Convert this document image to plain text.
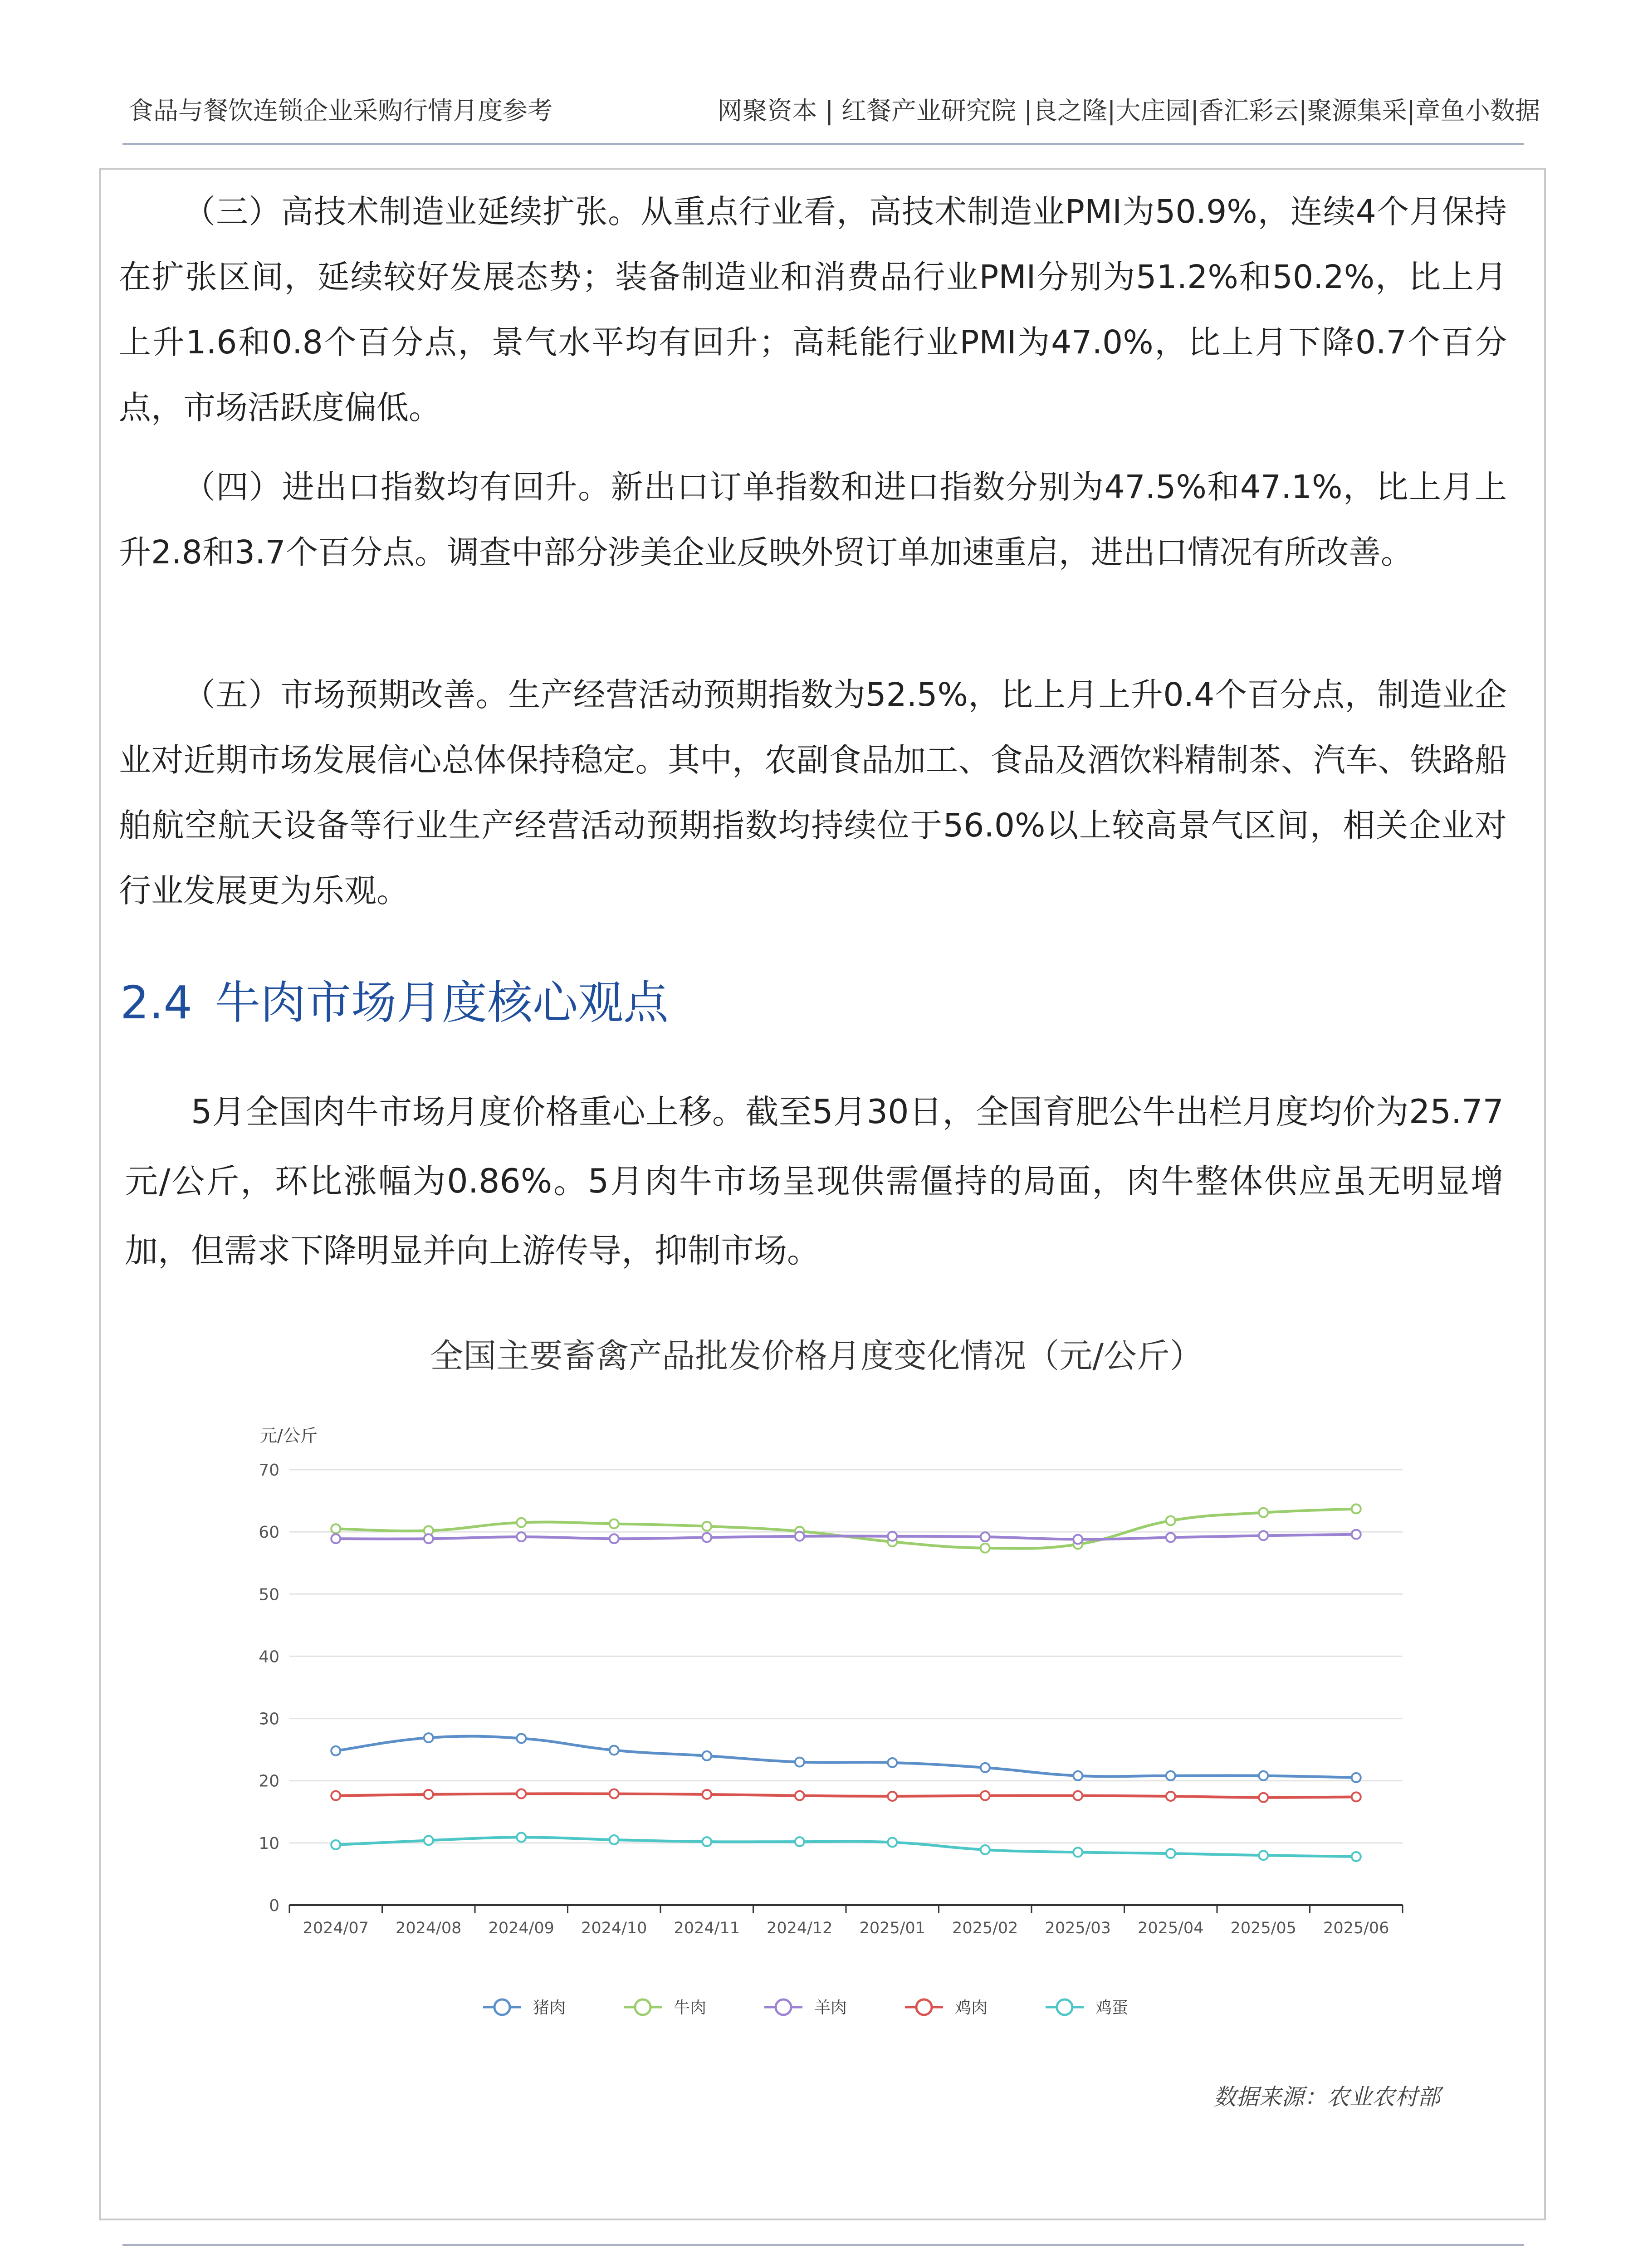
食品与餐饮连锁企业采购行情月度参考	网聚资本 | 红餐产业研究院 |良之隆|大庄园|香汇彩云|聚源集采|章鱼小数据

（三）高技术制造业延续扩张。从重点行业看，高技术制造业PMI为50.9%，连续4个月保持在扩张区间，延续较好发展态势；装备制造业和消费品行业PMI分别为51.2%和50.2%，比上月上升1.6和0.8个百分点，景气水平均有回升；高耗能行业PMI为47.0%，比上月下降0.7个百分点，市场活跃度偏低。

（四）进出口指数均有回升。新出口订单指数和进口指数分别为47.5%和47.1%，比上月上升2.8和3.7个百分点。调查中部分涉美企业反映外贸订单加速重启，进出口情况有所改善。

（五）市场预期改善。生产经营活动预期指数为52.5%，比上月上升0.4个百分点，制造业企业对近期市场发展信心总体保持稳定。其中，农副食品加工、食品及酒饮料精制茶、汽车、铁路船舶航空航天设备等行业生产经营活动预期指数均持续位于56.0%以上较高景气区间，相关企业对行业发展更为乐观。

2.4 牛肉市场月度核心观点

5月全国肉牛市场月度价格重心上移。截至5月30日，全国育肥公牛出栏月度均价为25.77元/公斤，环比涨幅为0.86%。5月肉牛市场呈现供需僵持的局面，肉牛整体供应虽无明显增加，但需求下降明显并向上游传导，抑制市场。

全国主要畜禽产品批发价格月度变化情况（元/公斤）
元/公斤
0
10
20
30
40
50
60
70
2024/07 2024/08 2024/09 2024/10 2024/11 2024/12 2025/01 2025/02 2025/03 2025/04 2025/05 2025/06
猪肉	牛肉	羊肉	鸡肉	鸡蛋
数据来源：农业农村部
